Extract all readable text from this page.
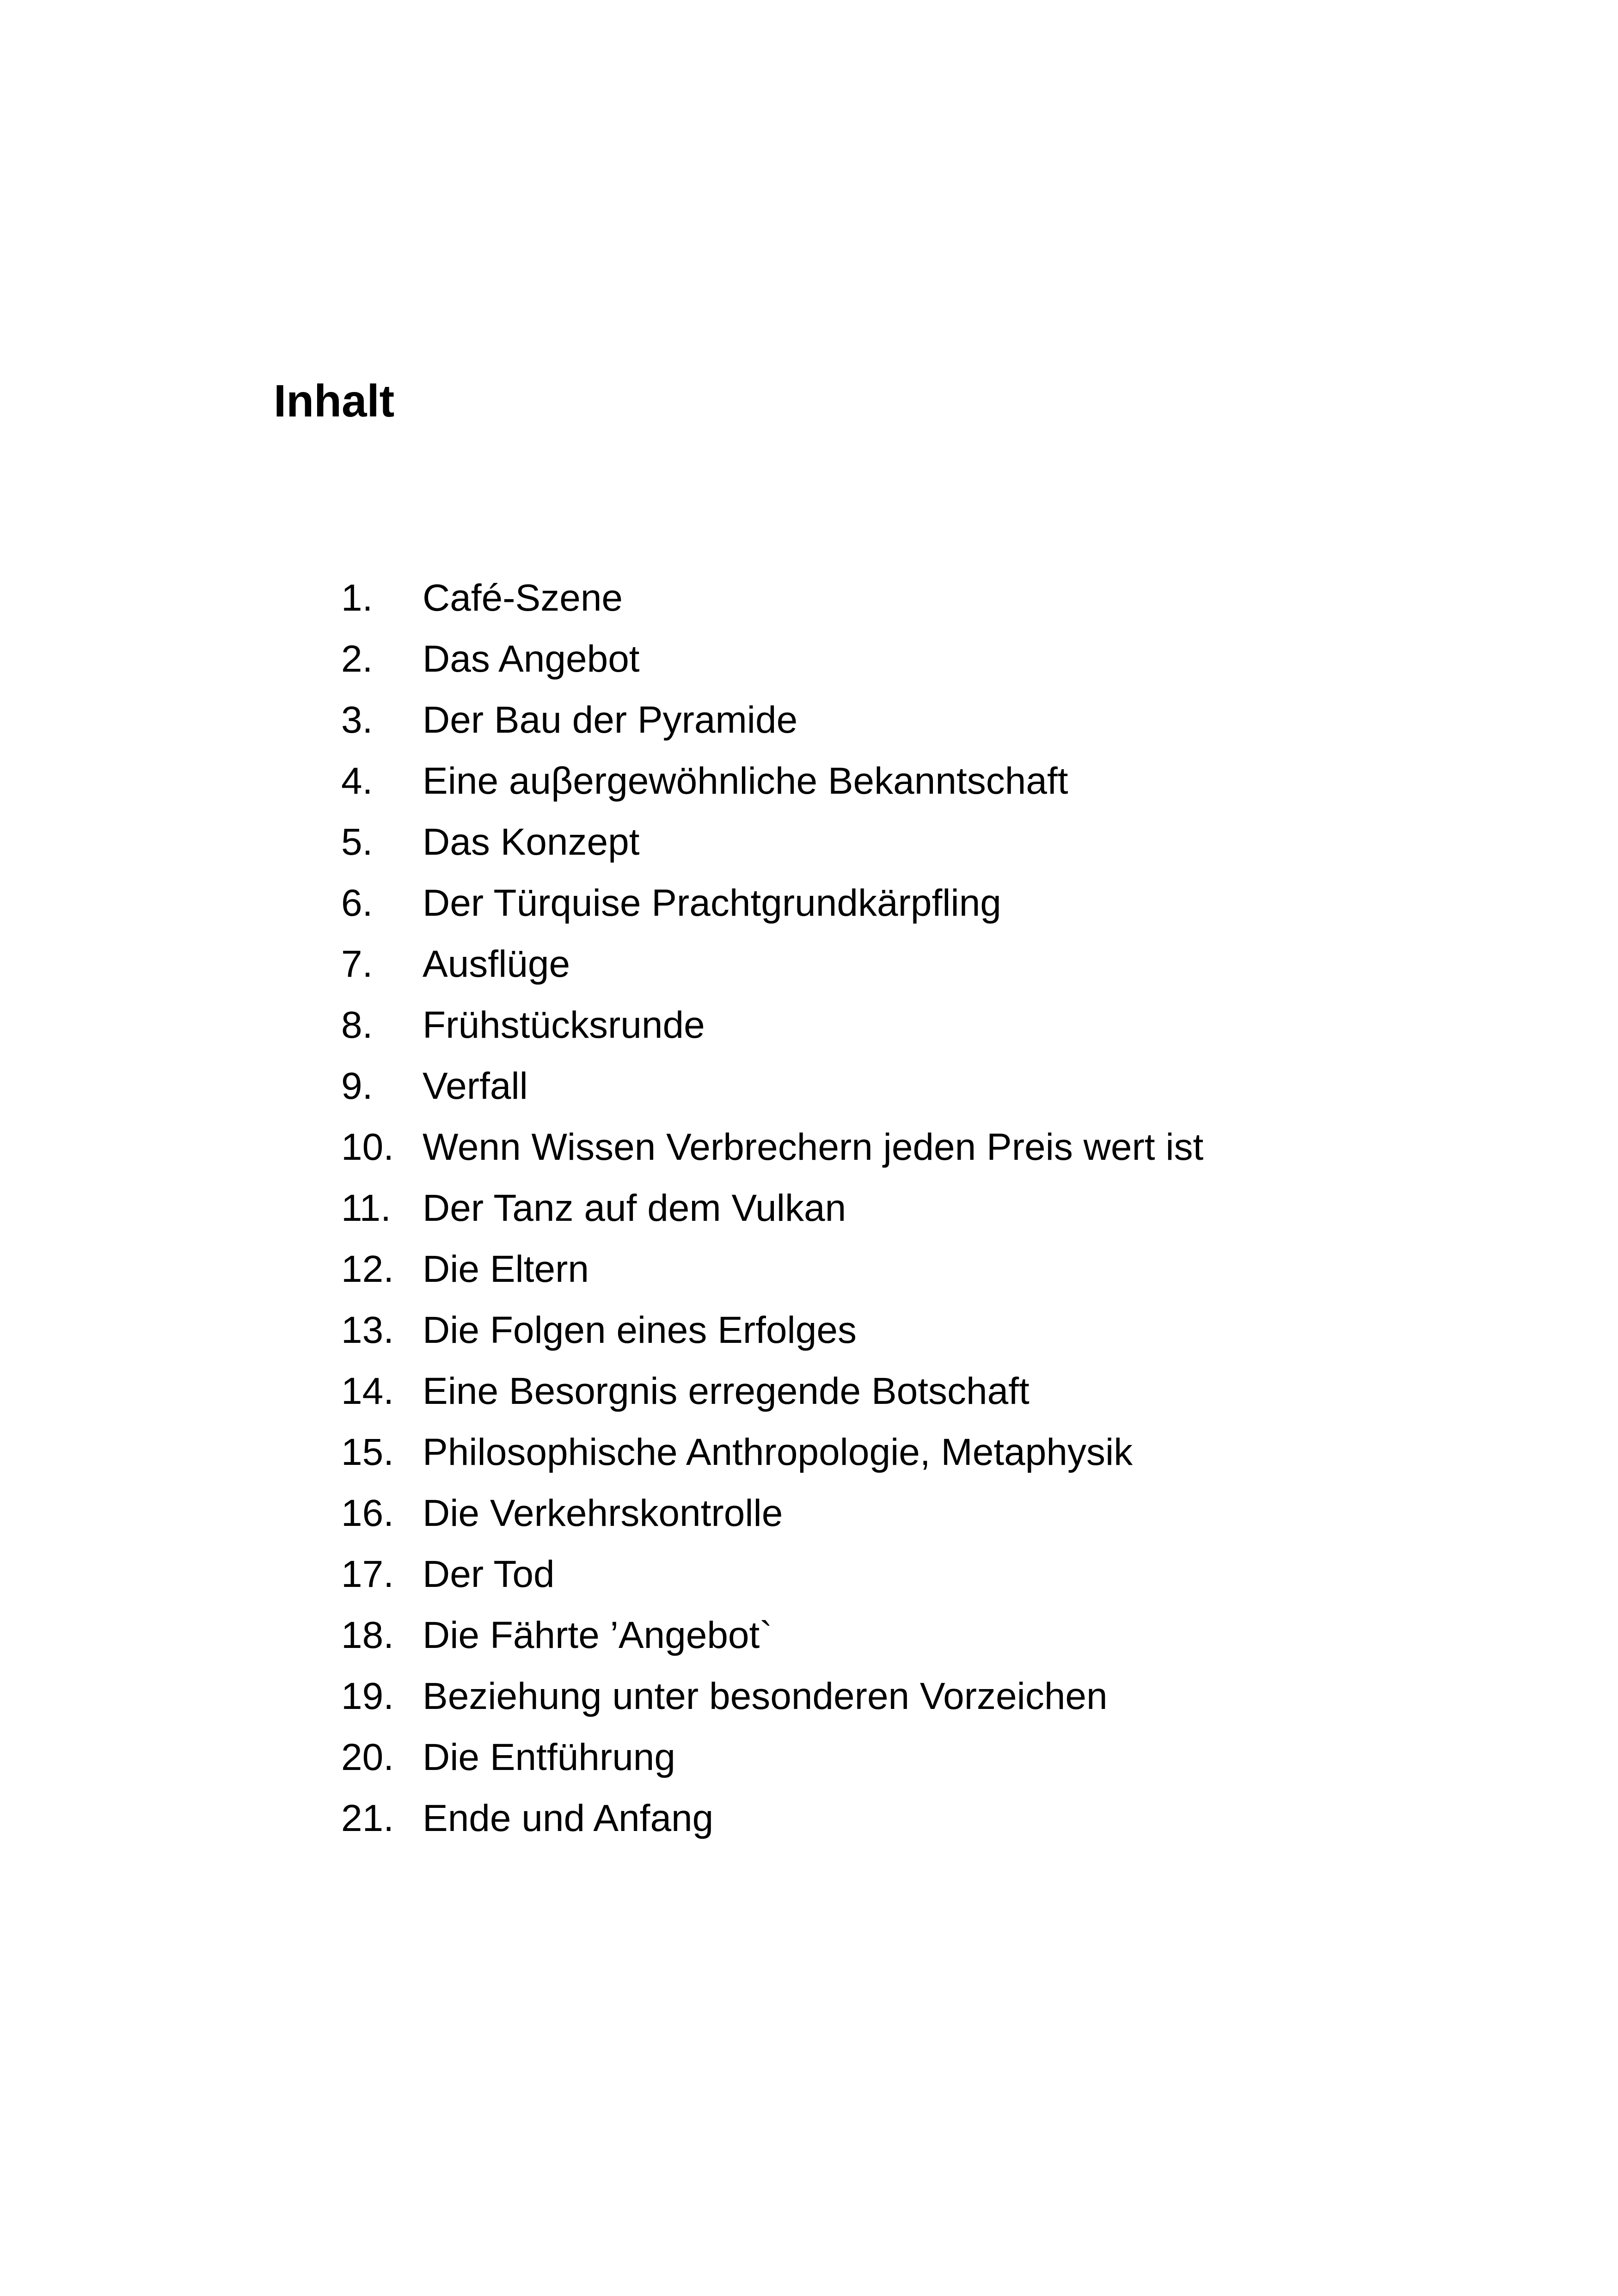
Inhalt
1.	Café-Szene
2.	Das Angebot
3.	Der Bau der Pyramide
4.	Eine auβergewöhnliche Bekanntschaft
5.	Das Konzept
6.	Der Türquise Prachtgrundkärpfling
7.	Ausflüge
8.	Frühstücksrunde
9.	Verfall
10. Wenn Wissen Verbrechern jeden Preis wert ist
11. Der Tanz auf dem Vulkan
12. Die Eltern
13. Die Folgen eines Erfolges
14. Eine Besorgnis erregende Botschaft
15. Philosophische Anthropologie, Metaphysik
16. Die Verkehrskontrolle
17. Der Tod
18. Die Fährte ’Angebot`
19. Beziehung unter besonderen Vorzeichen
20. Die Entführung
21. Ende und Anfang
